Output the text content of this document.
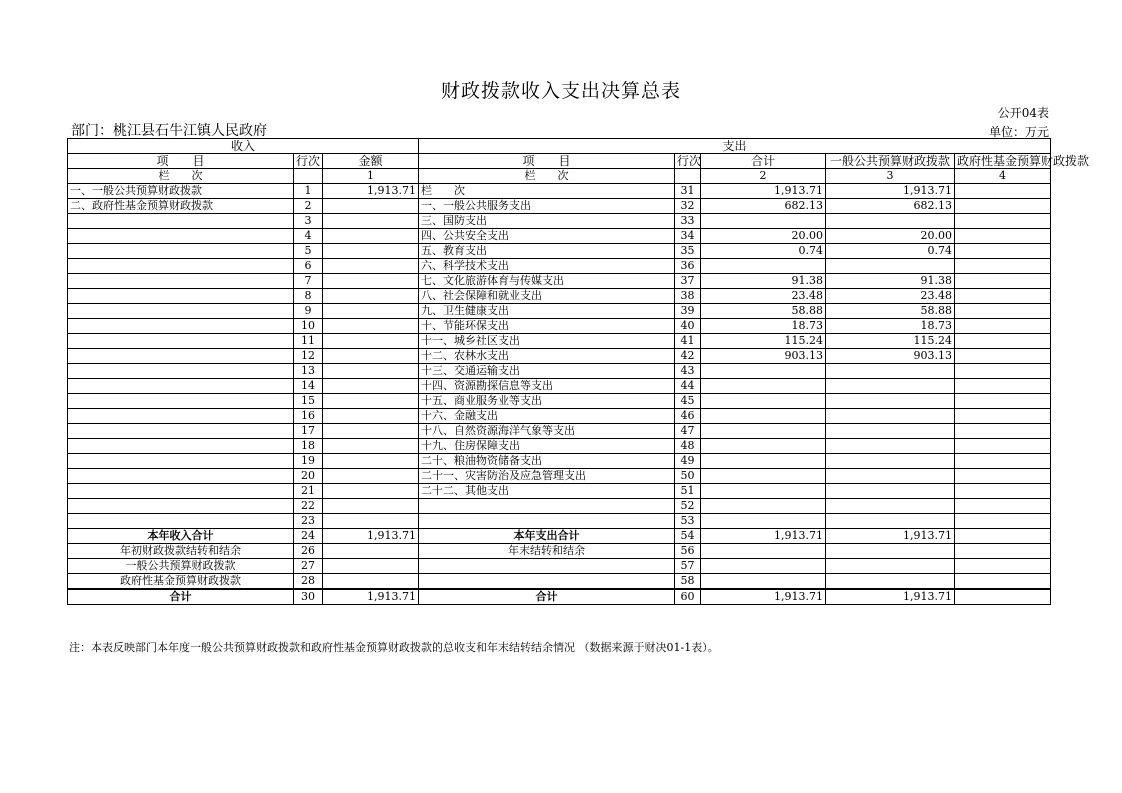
财政拨款收入支出决算总表
公开04表
部门：桃江县石牛江镇人民政府	单位：万元
收入			支出				
项　　目	行次	金额	项　　目	行次	合计	一般公共预算财政拨款	政府性基金预算财政拨款
栏　　次		1	栏　　次		2	3	4
一、一般公共预算财政拨款	1	1,913.71	栏　　次	31	1,913.71	1,913.71	
二、政府性基金预算财政拨款	2		一、一般公共服务支出	32	682.13	682.13	
	3		三、国防支出	33			
	4		四、公共安全支出	34	20.00	20.00	
	5		五、教育支出	35	0.74	0.74	
	6		六、科学技术支出	36			
	7		七、文化旅游体育与传媒支出	37	91.38	91.38	
	8		八、社会保障和就业支出	38	23.48	23.48	
	9		九、卫生健康支出	39	58.88	58.88	
	10		十、节能环保支出	40	18.73	18.73	
	11		十一、城乡社区支出	41	115.24	115.24	
	12		十二、农林水支出	42	903.13	903.13	
	13		十三、交通运输支出	43			
	14		十四、资源勘探信息等支出	44			
	15		十五、商业服务业等支出	45			
	16		十六、金融支出	46			
	17		十八、自然资源海洋气象等支出	47			
	18		十九、住房保障支出	48			
	19		二十、粮油物资储备支出	49			
	20		二十一、灾害防治及应急管理支出	50			
	21		二十二、其他支出	51			
	22			52			
	23			53			
本年收入合计	24	1,913.71	本年支出合计	54	1,913.71	1,913.71	
年初财政拨款结转和结余	26		年末结转和结余	56			
一般公共预算财政拨款	27			57			
政府性基金预算财政拨款	28			58			
合计	30	1,913.71	合计	60	1,913.71	1,913.71	
注：本表反映部门本年度一般公共预算财政拨款和政府性基金预算财政拨款的总收支和年末结转结余情况 （数据来源于财决01-1表）。
